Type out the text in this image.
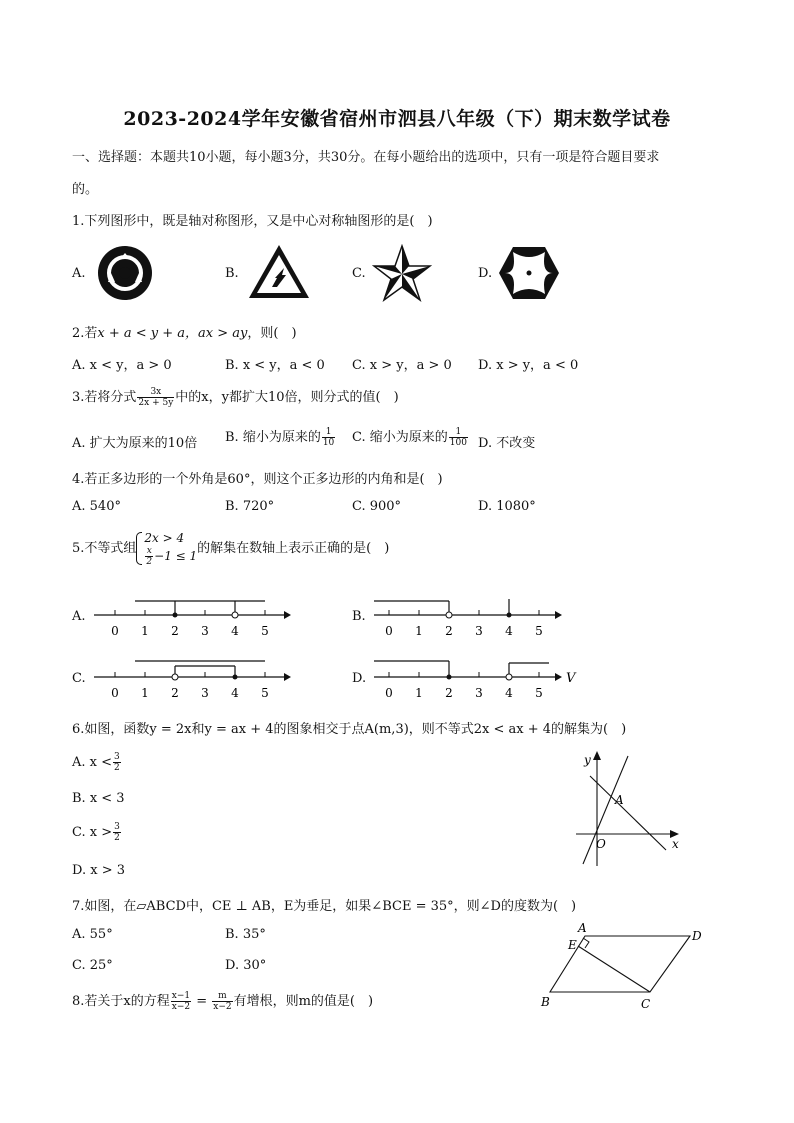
2023-2024学年安徽省宿州市泗县八年级（下）期末数学试卷
一、选择题：本题共10小题，每小题3分，共30分。在每小题给出的选项中，只有一项是符合题目要求
的。
1.下列图形中，既是轴对称图形，又是中心对称轴图形的是(　)
A.	B.	C.	D.
2.若x + a < y + a，ax > ay，则(　)
A. x < y，a > 0	B. x < y，a < 0 C. x > y，a > 0 D. x > y，a < 0
3.若将分式 $\frac{3x}{2x + 5y}$ 中的x，y都扩大10倍，则分式的值(　)
A. 扩大为原来的10倍 B. 缩小为原来的 $\frac{1}{10} C$. 缩小为原来的 $\frac{1}{100} D$. 不改变
4.若正多边形的一个外角是60°，则这个正多边形的内角和是(　)
A. 540°	B. 720°	C. 900°	D. 1080°
5.不等式组
2x > 4
$\frac{x}{2} -1 \le 1$ 的解集在数轴上表示正确的是(　)
A.	B.
C.	D.
0 1 2 3 4 5	0 1 2 3 4 5
0 1 2 3 4 5	0 1 2 3 4 5
V
6.如图，函数y = 2x和y = ax + 4的图象相交于点A(m,3)，则不等式2x < ax + 4的解集为(　)
A. $x < \frac{3}{2}$
B. x < 3
C. $x > \frac{3}{2}$
D. x > 3
y
A
O	x
7.如图，在▱ABCD中，CE ⊥ AB，E为垂足，如果∠BCE = 35°，则∠D的度数为(　)
A. 55°	B. 35°
C. 25°	D. 30°
A
D
E
B	C
8.若关于x的方程 $\frac{x-1}{x-2} = \frac{m}{x-2}$ 有增根，则m的值是(　)
